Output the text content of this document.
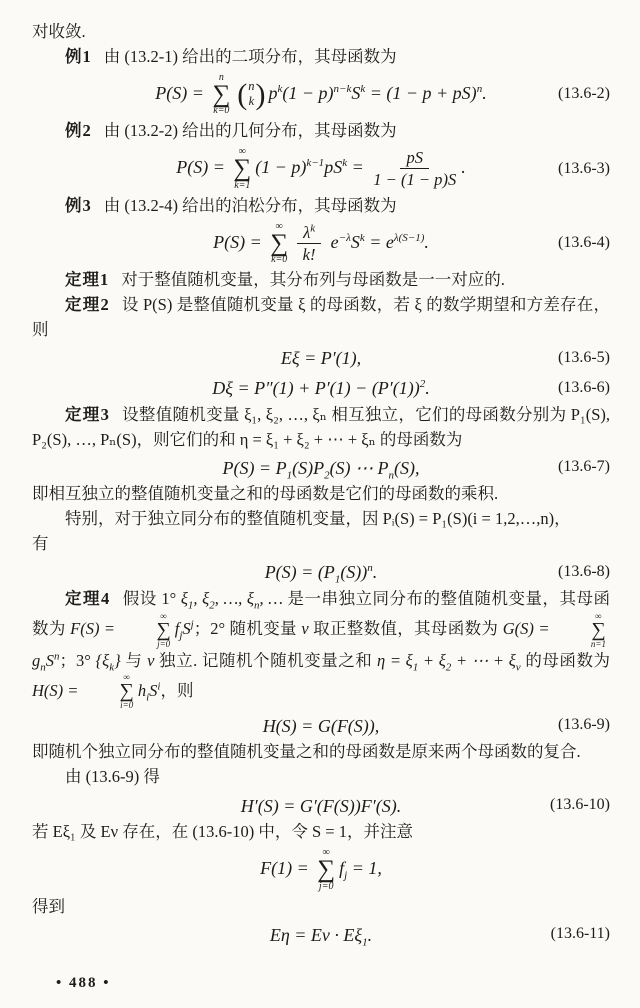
对收敛.

例1 由 (13.2-1) 给出的二项分布，其母函数为

P(S) =
n
∑
k=0 ( n
k ) $p^k(1 - p)^{n-k}S^k = (1 - p + pS)^n$.	(13.6-2)

例2 由 (13.2-2) 给出的几何分布，其母函数为

P(S) =
∞
∑
k=1
$(1 - p)^{k-1}pS^k = \frac{pS}{1 - (1 - p)S}$ .	(13.6-3)

例3 由 (13.2-4) 给出的泊松分布，其母函数为

P(S) =
∞
∑
$k=0 \frac{\lambda^k}{k!} e^{-\lambda}S^k = e^{\lambda(S-1)}$.	(13.6-4)

定理1 对于整值随机变量，其分布列与母函数是一一对应的.

定理2 设 P(S) 是整值随机变量 ξ 的母函数，若 ξ 的数学期望和方差存在，则

Eξ = P′(1),	(13.6-5)
$D\xi = P''(1) + P'(1) - (P'(1))^2$.	(13.6-6)

定理3 设整值随机变量 ξ₁, ξ₂, …, ξₙ 相互独立，它们的母函数分别为 P₁(S), P₂(S), …, Pₙ(S)，则它们的和 η = ξ₁ + ξ₂ + ⋯ + ξₙ 的母函数为

$P(S) = P_1(S)P_2(S)$ ⋯ $P_n(S)$,	(13.6-7)

即相互独立的整值随机变量之和的母函数是它们的母函数的乘积.

特别，对于独立同分布的整值随机变量，因 Pᵢ(S) = P₁(S)(i = 1,2,…,n)，

有

$P(S) = (P_1(S))^n$.	(13.6-8)

定理4 假设 1° $\xi_1$, $\xi_2$, …, $\xi_n$, … 是一串独立同分布的整值随机变量，其母函数为 F(S) =
∞
∑
j=0
$f_jS^j$；2° 随机变量 ν 取正整数值，其母函数为 G(S) =
∞
∑
n=1
$g_nS^n$；3° $\{\xi_k\}$ 与 ν 独立. 记随机个随机变量之和 $\eta = \xi_1 + \xi_2$ + ⋯ + $\xi_\nu$ 的母函数为 H(S) =
∞
∑
i=0
$h_iS^i$，则

H(S) = G(F(S)),	(13.6-9)

即随机个独立同分布的整值随机变量之和的母函数是原来两个母函数的复合.

由 (13.6-9) 得

H′(S) = G′(F(S))F′(S).	(13.6-10)

若 Eξ₁ 及 Eν 存在，在 (13.6-10) 中，令 S = 1，并注意

F(1) =
∞
∑
j=0
$f_j = 1$,

得到

$E\eta = E\nu \cdot E\xi_1$.	(13.6-11)
• 488 •
